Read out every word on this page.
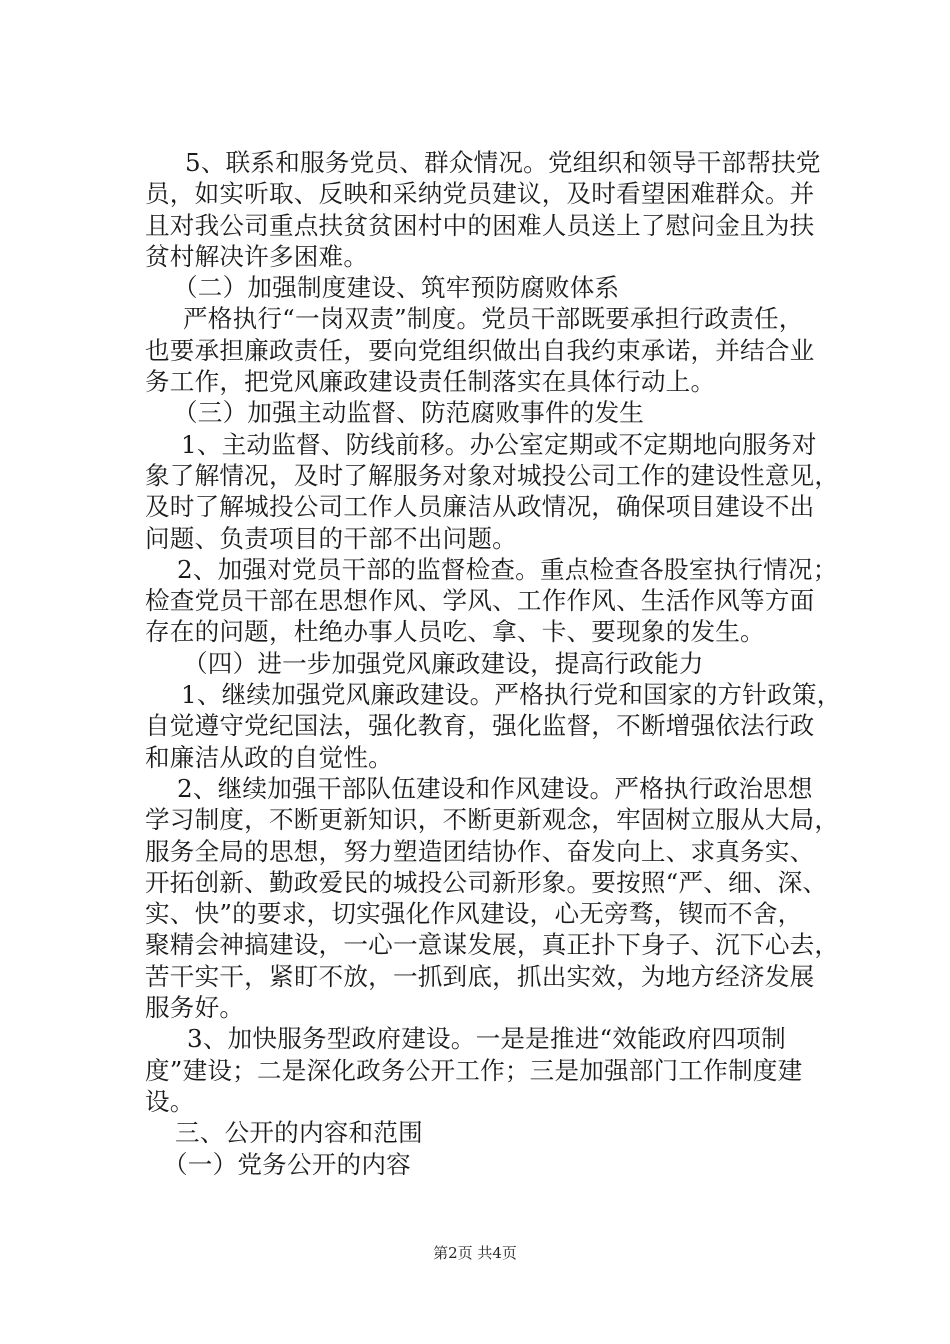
5、联系和服务党员、群众情况。党组织和领导干部帮扶党
员，如实听取、反映和采纳党员建议，及时看望困难群众。并
且对我公司重点扶贫贫困村中的困难人员送上了慰问金且为扶
贫村解决许多困难。
（二）加强制度建设、筑牢预防腐败体系
严格执行“一岗双责”制度。党员干部既要承担行政责任，
也要承担廉政责任，要向党组织做出自我约束承诺，并结合业
务工作，把党风廉政建设责任制落实在具体行动上。
（三）加强主动监督、防范腐败事件的发生
1、主动监督、防线前移。办公室定期或不定期地向服务对
象了解情况，及时了解服务对象对城投公司工作的建设性意见，
及时了解城投公司工作人员廉洁从政情况，确保项目建设不出
问题、负责项目的干部不出问题。
2、加强对党员干部的监督检查。重点检查各股室执行情况；
检查党员干部在思想作风、学风、工作作风、生活作风等方面
存在的问题，杜绝办事人员吃、拿、卡、要现象的发生。
（四）进一步加强党风廉政建设，提高行政能力
1、继续加强党风廉政建设。严格执行党和国家的方针政策，
自觉遵守党纪国法，强化教育，强化监督，不断增强依法行政
和廉洁从政的自觉性。
2、继续加强干部队伍建设和作风建设。严格执行政治思想
学习制度，不断更新知识，不断更新观念，牢固树立服从大局，
服务全局的思想，努力塑造团结协作、奋发向上、求真务实、
开拓创新、勤政爱民的城投公司新形象。要按照“严、细、深、
实、快”的要求，切实强化作风建设，心无旁骛，锲而不舍，
聚精会神搞建设，一心一意谋发展，真正扑下身子、沉下心去，
苦干实干，紧盯不放，一抓到底，抓出实效，为地方经济发展
服务好。
3、加快服务型政府建设。一是是推进“效能政府四项制
度”建设；二是深化政务公开工作；三是加强部门工作制度建
设。
三、公开的内容和范围
（一）党务公开的内容
第2页 共4页
